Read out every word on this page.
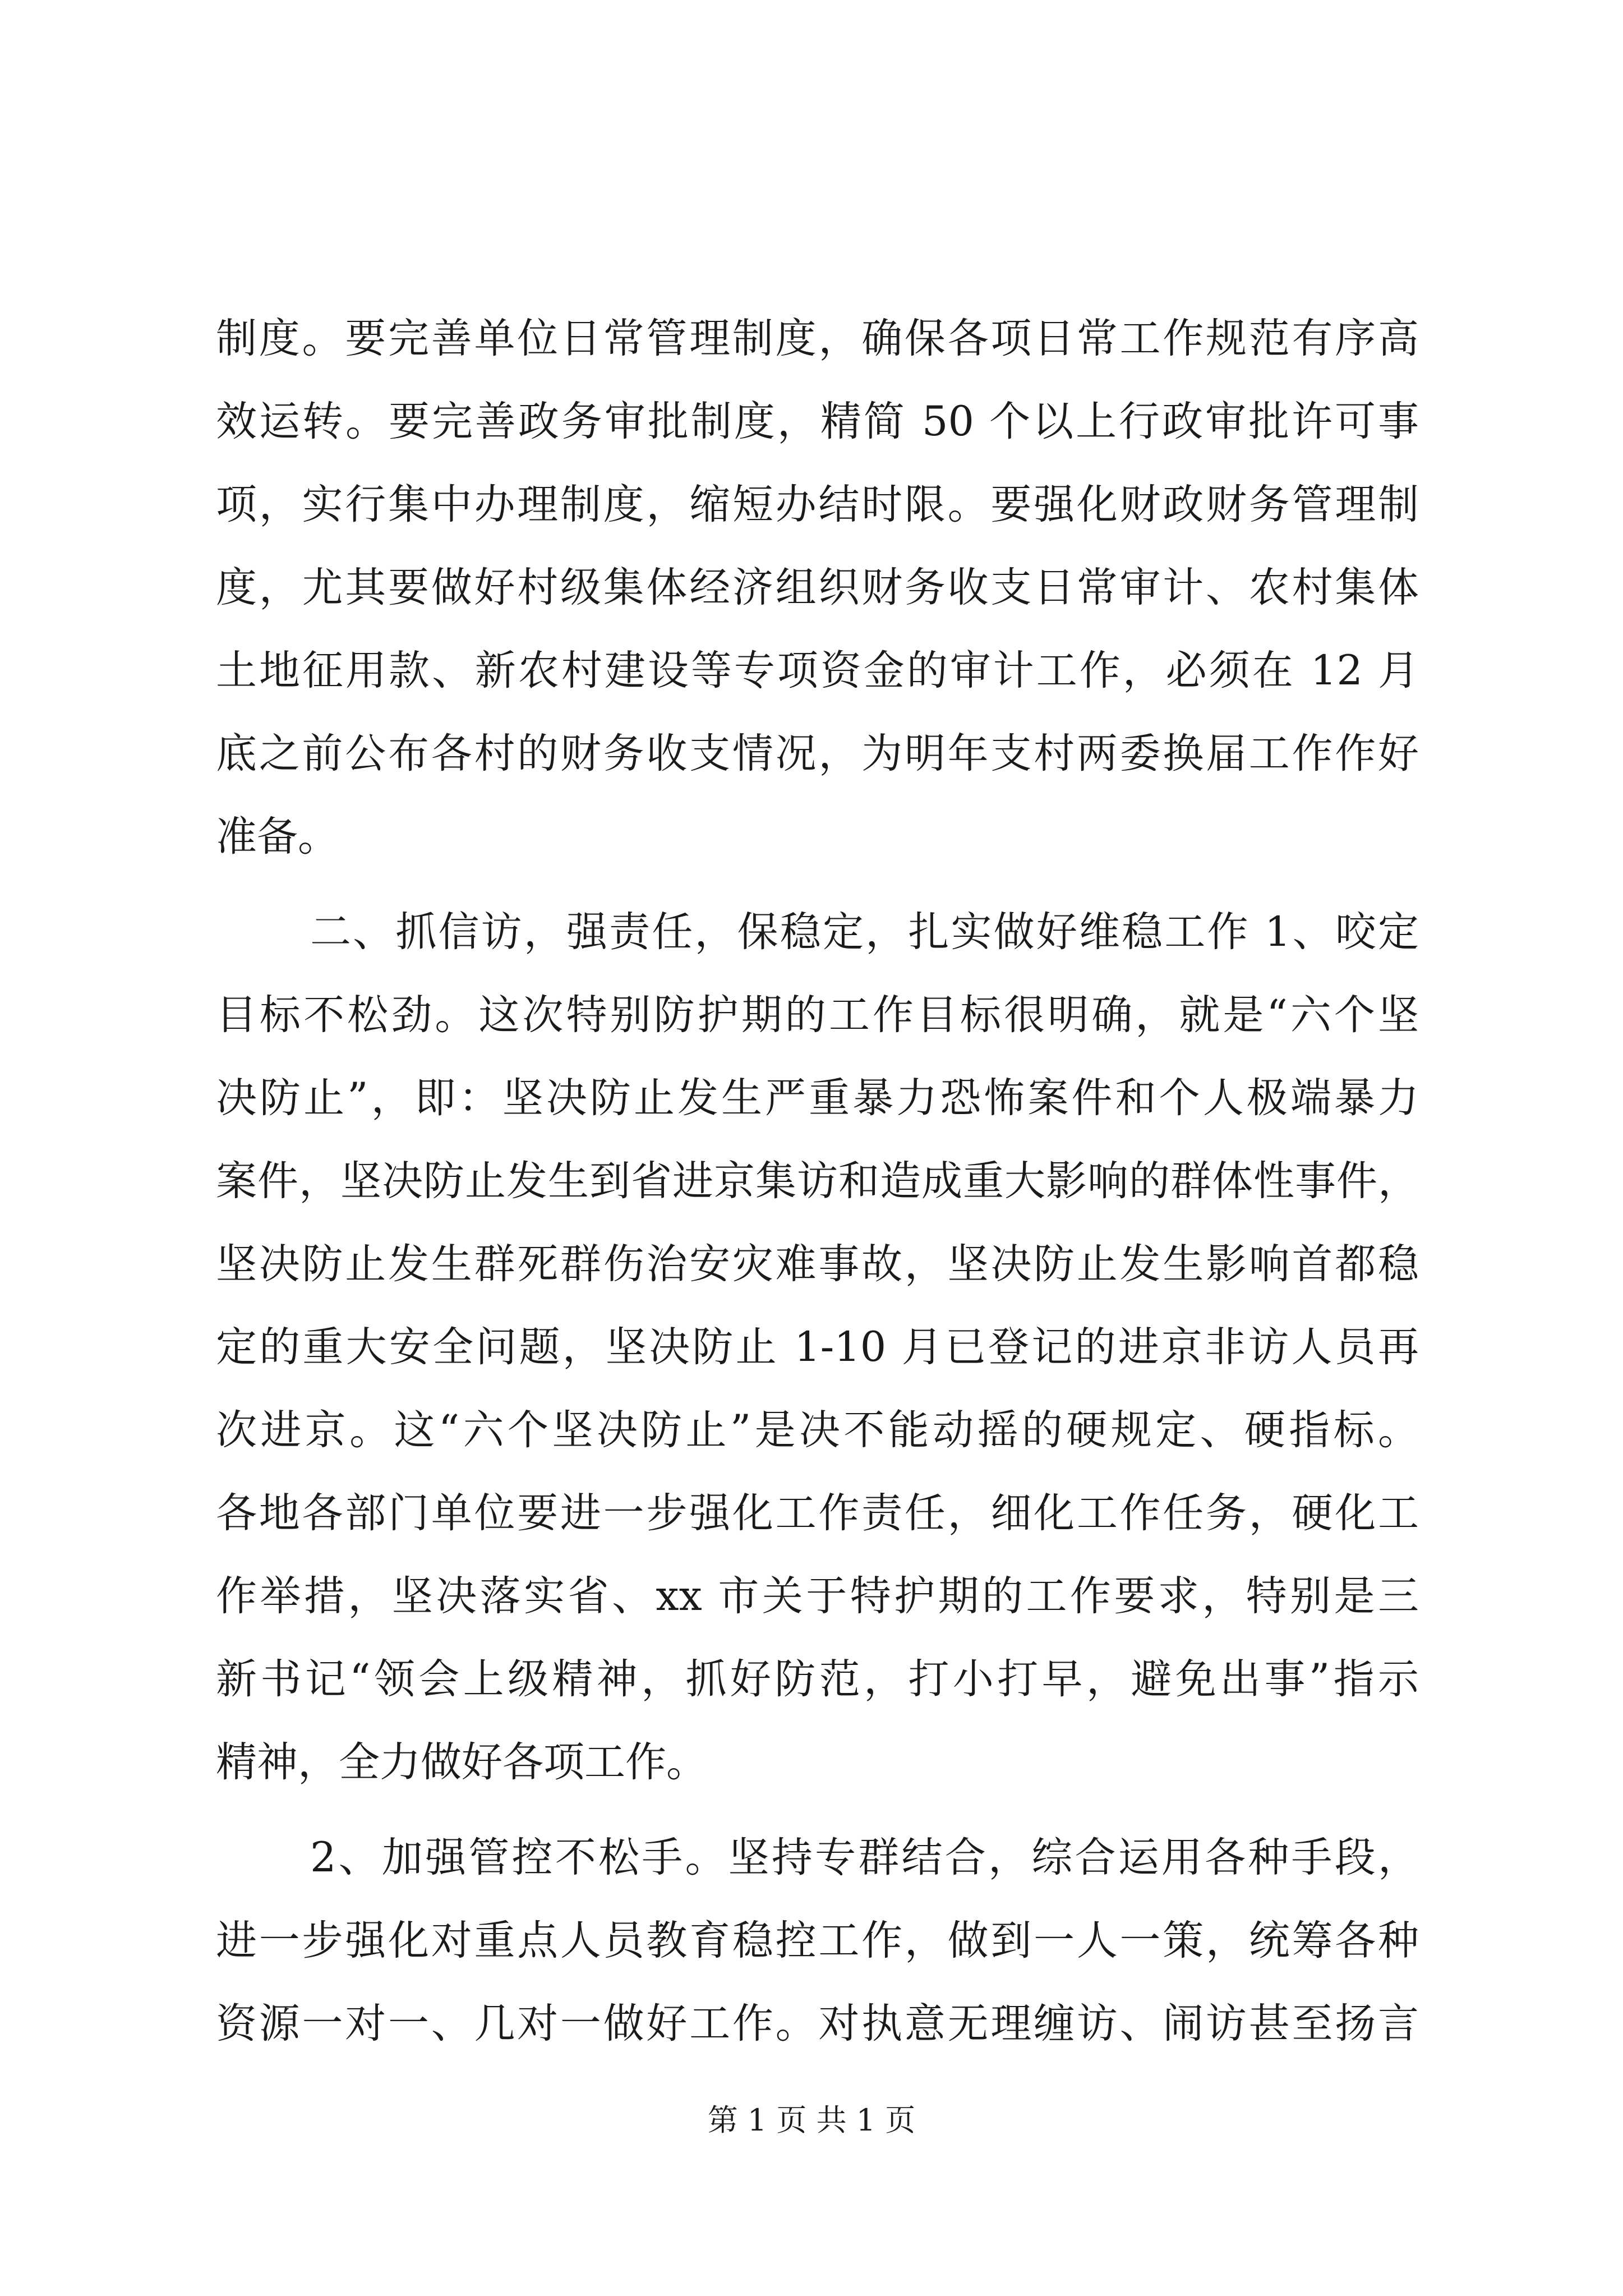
制度。要完善单位日常管理制度，确保各项日常工作规范有序高
效运转。要完善政务审批制度，精简 50 个以上行政审批许可事
项，实行集中办理制度，缩短办结时限。要强化财政财务管理制
度，尤其要做好村级集体经济组织财务收支日常审计、农村集体
土地征用款、新农村建设等专项资金的审计工作，必须在 12 月
底之前公布各村的财务收支情况，为明年支村两委换届工作作好
准备。
二、抓信访，强责任，保稳定，扎实做好维稳工作 1、咬定
目标不松劲。这次特别防护期的工作目标很明确，就是“六个坚
决防止”，即：坚决防止发生严重暴力恐怖案件和个人极端暴力
案件，坚决防止发生到省进京集访和造成重大影响的群体性事件，
坚决防止发生群死群伤治安灾难事故，坚决防止发生影响首都稳
定的重大安全问题，坚决防止 1-10 月已登记的进京非访人员再
次进京。这“六个坚决防止”是决不能动摇的硬规定、硬指标。
各地各部门单位要进一步强化工作责任，细化工作任务，硬化工
作举措，坚决落实省、xx 市关于特护期的工作要求，特别是三
新书记“领会上级精神，抓好防范，打小打早，避免出事”指示
精神，全力做好各项工作。
2、加强管控不松手。坚持专群结合，综合运用各种手段，
进一步强化对重点人员教育稳控工作，做到一人一策，统筹各种
资源一对一、几对一做好工作。对执意无理缠访、闹访甚至扬言
第 1 页 共 1 页
